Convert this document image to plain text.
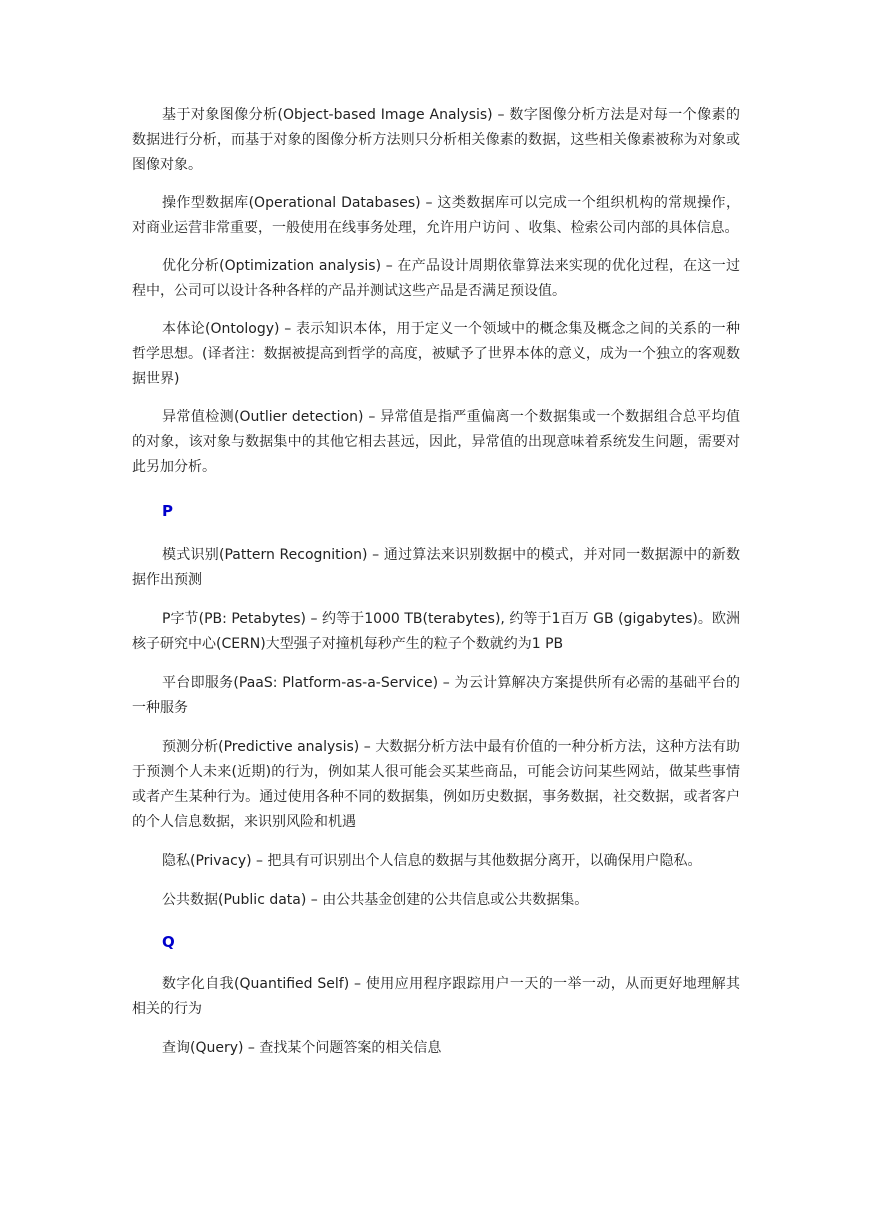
基于对象图像分析(Object-based Image Analysis) – 数字图像分析方法是对每一个像素的数据进行分析，而基于对象的图像分析方法则只分析相关像素的数据，这些相关像素被称为对象或图像对象。

操作型数据库(Operational Databases) – 这类数据库可以完成一个组织机构的常规操作，对商业运营非常重要，一般使用在线事务处理，允许用户访问 、收集、检索公司内部的具体信息。

优化分析(Optimization analysis) – 在产品设计周期依靠算法来实现的优化过程，在这一过程中，公司可以设计各种各样的产品并测试这些产品是否满足预设值。

本体论(Ontology) – 表示知识本体，用于定义一个领域中的概念集及概念之间的关系的一种哲学思想。(译者注：数据被提高到哲学的高度，被赋予了世界本体的意义，成为一个独立的客观数据世界)

异常值检测(Outlier detection) – 异常值是指严重偏离一个数据集或一个数据组合总平均值的对象，该对象与数据集中的其他它相去甚远，因此，异常值的出现意味着系统发生问题，需要对此另加分析。

P

模式识别(Pattern Recognition) – 通过算法来识别数据中的模式，并对同一数据源中的新数据作出预测

P字节(PB: Petabytes) – 约等于1000 TB(terabytes), 约等于1百万 GB (gigabytes)。欧洲核子研究中心(CERN)大型强子对撞机每秒产生的粒子个数就约为1 PB

平台即服务(PaaS: Platform-as-a-Service) – 为云计算解决方案提供所有必需的基础平台的一种服务

预测分析(Predictive analysis) – 大数据分析方法中最有价值的一种分析方法，这种方法有助于预测个人未来(近期)的行为，例如某人很可能会买某些商品，可能会访问某些网站，做某些事情或者产生某种行为。通过使用各种不同的数据集，例如历史数据，事务数据，社交数据，或者客户的个人信息数据，来识别风险和机遇

隐私(Privacy) – 把具有可识别出个人信息的数据与其他数据分离开，以确保用户隐私。

公共数据(Public data) – 由公共基金创建的公共信息或公共数据集。

Q

数字化自我(Quantified Self) – 使用应用程序跟踪用户一天的一举一动，从而更好地理解其相关的行为

查询(Query) – 查找某个问题答案的相关信息
